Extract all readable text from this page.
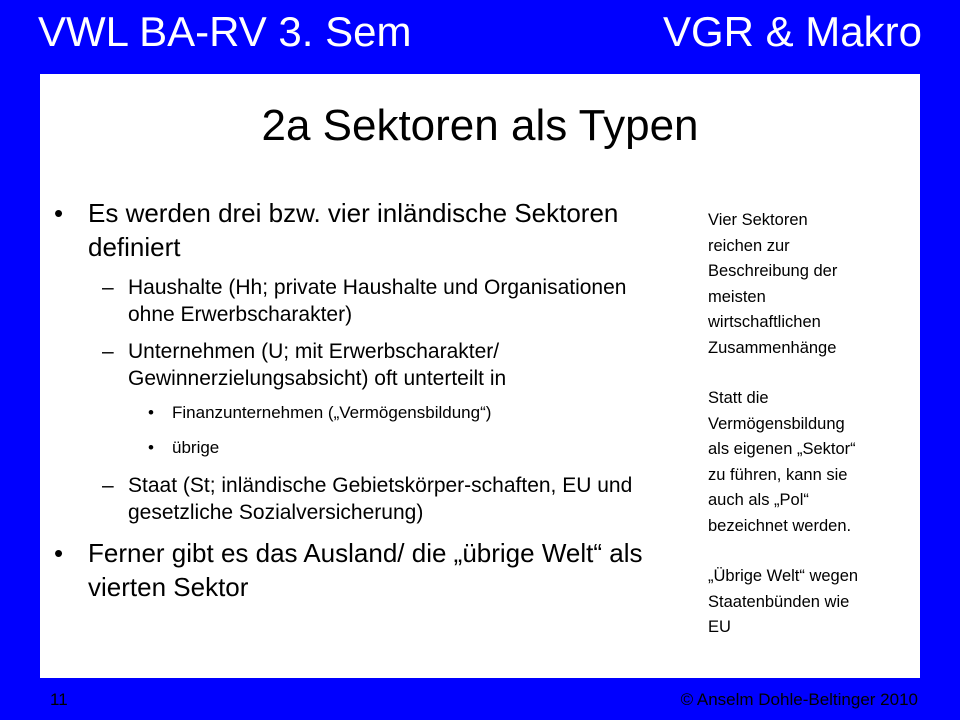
VWL BA-RV 3. Sem	VGR & Makro
2a Sektoren als Typen
• Es werden drei bzw. vier inländische Sektoren definiert
– Haushalte (Hh; private Haushalte und Organisationen ohne Erwerbscharakter)
– Unternehmen (U; mit Erwerbscharakter/ Gewinnerzielungsabsicht) oft unterteilt in
• Finanzunternehmen („Vermögensbildung“)
• übrige
– Staat (St; inländische Gebietskörper-schaften, EU und gesetzliche Sozialversicherung)
• Ferner gibt es das Ausland/ die „übrige Welt“ als vierten Sektor

Vier Sektoren
reichen zur
Beschreibung der
meisten
wirtschaftlichen
Zusammenhänge

Statt die
Vermögensbildung
als eigenen „Sektor“
zu führen, kann sie
auch als „Pol“
bezeichnet werden.

„Übrige Welt“ wegen
Staatenbünden wie
EU

11	© Anselm Dohle-Beltinger 2010
